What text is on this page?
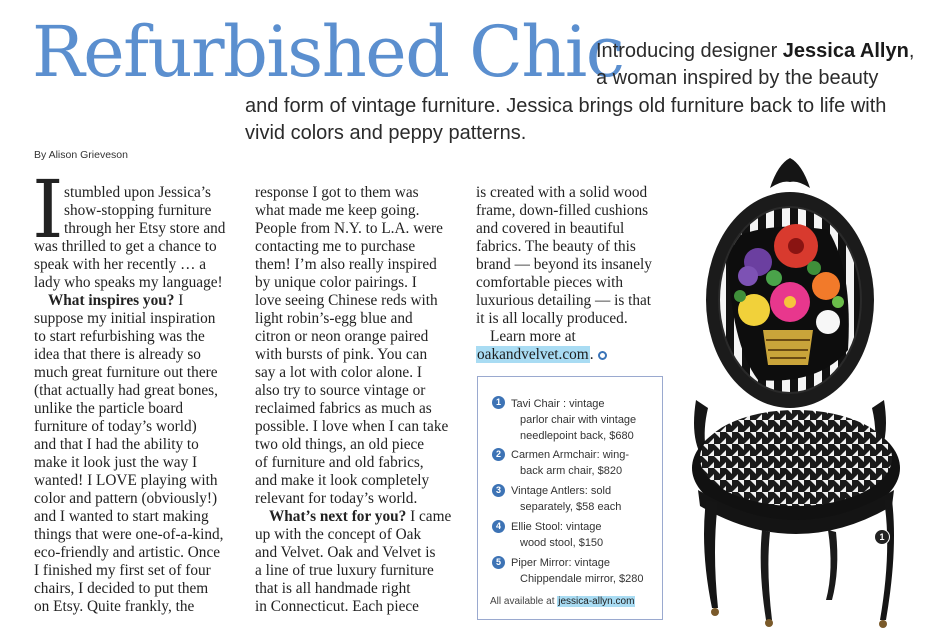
Refurbished Chic
Introducing designer Jessica Allyn,
a woman inspired by the beauty
and form of vintage furniture. Jessica brings old furniture back to life with
vivid colors and peppy patterns.
By Alison Grieveson
I stumbled upon Jessica’s
show-stopping furniture
through her Etsy store and
was thrilled to get a chance to
speak with her recently … a
lady who speaks my language!
What inspires you? I
suppose my initial inspiration
to start refurbishing was the
idea that there is already so
much great furniture out there
(that actually had great bones,
unlike the particle board
furniture of today’s world)
and that I had the ability to
make it look just the way I
wanted! I LOVE playing with
color and pattern (obviously!)
and I wanted to start making
things that were one-of-a-kind,
eco-friendly and artistic. Once
I finished my first set of four
chairs, I decided to put them
on Etsy. Quite frankly, the
response I got to them was
what made me keep going.
People from N.Y. to L.A. were
contacting me to purchase
them! I’m also really inspired
by unique color pairings. I
love seeing Chinese reds with
light robin’s-egg blue and
citron or neon orange paired
with bursts of pink. You can
say a lot with color alone. I
also try to source vintage or
reclaimed fabrics as much as
possible. I love when I can take
two old things, an old piece
of furniture and old fabrics,
and make it look completely
relevant for today’s world.
What’s next for you? I came
up with the concept of Oak
and Velvet. Oak and Velvet is
a line of true luxury furniture
that is all handmade right
in Connecticut. Each piece
is created with a solid wood
frame, down-filled cushions
and covered in beautiful
fabrics. The beauty of this
brand — beyond its insanely
comfortable pieces with
luxurious detailing — is that
it is all locally produced.
Learn more at
oakandvelvet.com.
1 Tavi Chair : vintage
parlor chair with vintage
needlepoint back, $680
2 Carmen Armchair: wing-
back arm chair, $820
3 Vintage Antlers: sold
separately, $58 each
4 Ellie Stool: vintage
wood stool, $150
5 Piper Mirror: vintage
Chippendale mirror, $280
All available at jessica-allyn.com
1
